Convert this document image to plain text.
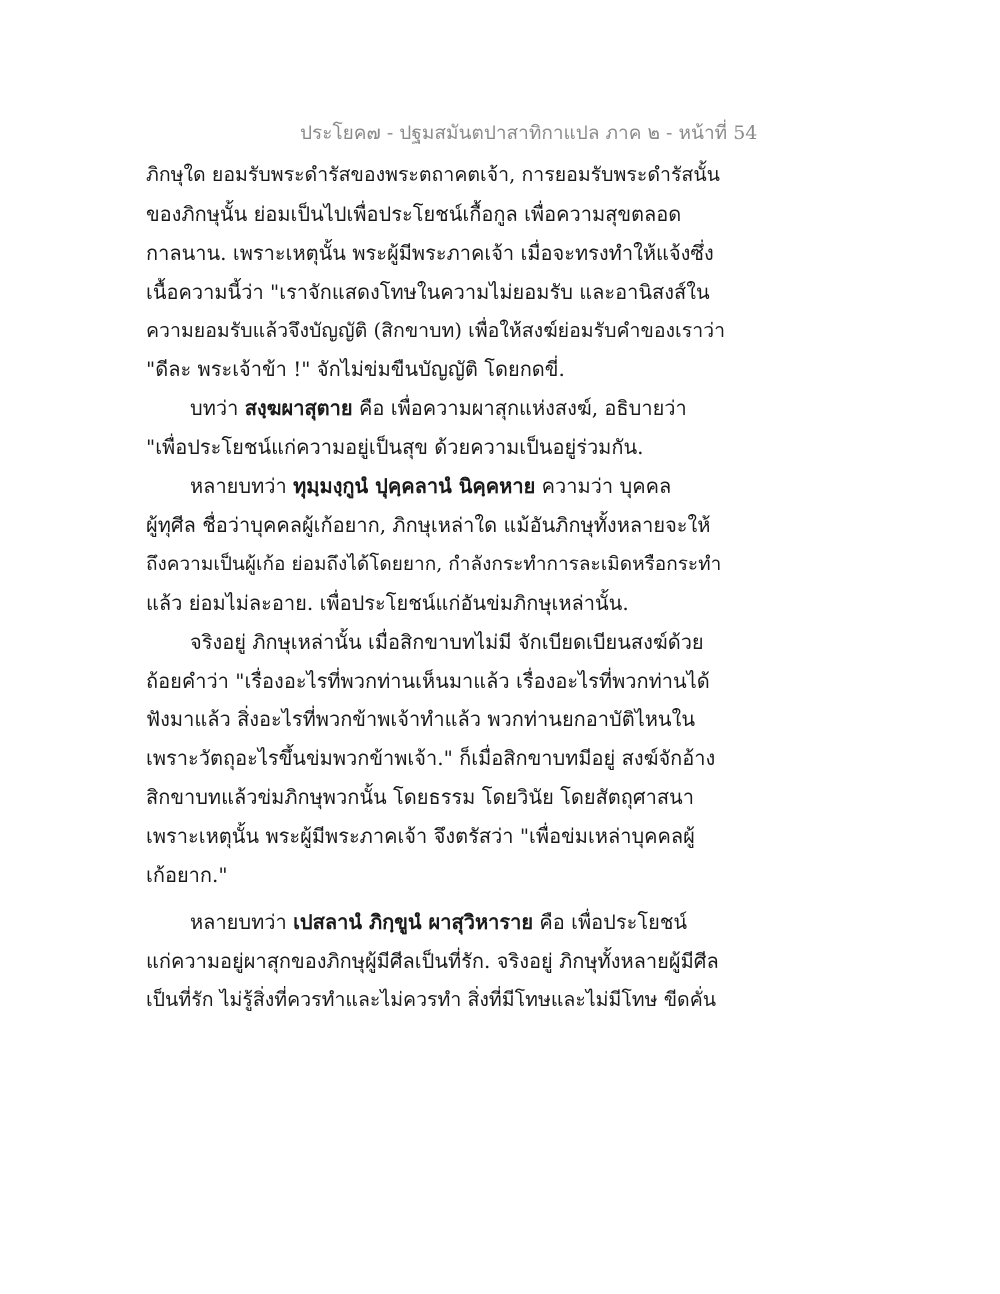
ประโยค๗ - ปฐมสมันตปาสาทิกาแปล ภาค ๒ - หน้าที่ 54
ภิกษุใด ยอมรับพระดำรัสของพระตถาคตเจ้า, การยอมรับพระดำรัสนั้น
ของภิกษุนั้น ย่อมเป็นไปเพื่อประโยชน์เกื้อกูล เพื่อความสุขตลอด
กาลนาน. เพราะเหตุนั้น พระผู้มีพระภาคเจ้า เมื่อจะทรงทำให้แจ้งซึ่ง
เนื้อความนี้ว่า "เราจักแสดงโทษในความไม่ยอมรับ และอานิสงส์ใน
ความยอมรับแล้วจึงบัญญัติ (สิกขาบท) เพื่อให้สงฆ์ย่อมรับคำของเราว่า
"ดีละ พระเจ้าข้า !" จักไม่ข่มขืนบัญญัติ โดยกดขี่.
บทว่า สงฺฆผาสุตาย คือ เพื่อความผาสุกแห่งสงฆ์, อธิบายว่า
"เพื่อประโยชน์แก่ความอยู่เป็นสุข ด้วยความเป็นอยู่ร่วมกัน.
หลายบทว่า ทุมฺมงฺกูนํ ปุคฺคลานํ นิคฺคหาย ความว่า บุคคล
ผู้ทุศีล ชื่อว่าบุคคลผู้เก้อยาก, ภิกษุเหล่าใด แม้อันภิกษุทั้งหลายจะให้
ถึงความเป็นผู้เก้อ ย่อมถึงได้โดยยาก, กำลังกระทำการละเมิดหรือกระทำ
แล้ว ย่อมไม่ละอาย. เพื่อประโยชน์แก่อันข่มภิกษุเหล่านั้น.
จริงอยู่ ภิกษุเหล่านั้น เมื่อสิกขาบทไม่มี จักเบียดเบียนสงฆ์ด้วย
ถ้อยคำว่า "เรื่องอะไรที่พวกท่านเห็นมาแล้ว เรื่องอะไรที่พวกท่านได้
ฟังมาแล้ว สิ่งอะไรที่พวกข้าพเจ้าทำแล้ว พวกท่านยกอาบัติไหนใน
เพราะวัตถุอะไรขึ้นข่มพวกข้าพเจ้า." ก็เมื่อสิกขาบทมีอยู่ สงฆ์จักอ้าง
สิกขาบทแล้วข่มภิกษุพวกนั้น โดยธรรม โดยวินัย โดยสัตถุศาสนา
เพราะเหตุนั้น พระผู้มีพระภาคเจ้า จึงตรัสว่า "เพื่อข่มเหล่าบุคคลผู้
เก้อยาก."
หลายบทว่า เปสลานํ ภิกฺขูนํ ผาสุวิหาราย คือ เพื่อประโยชน์
แก่ความอยู่ผาสุกของภิกษุผู้มีศีลเป็นที่รัก. จริงอยู่ ภิกษุทั้งหลายผู้มีศีล
เป็นที่รัก ไม่รู้สิ่งที่ควรทำและไม่ควรทำ สิ่งที่มีโทษและไม่มีโทษ ขีดคั่น
